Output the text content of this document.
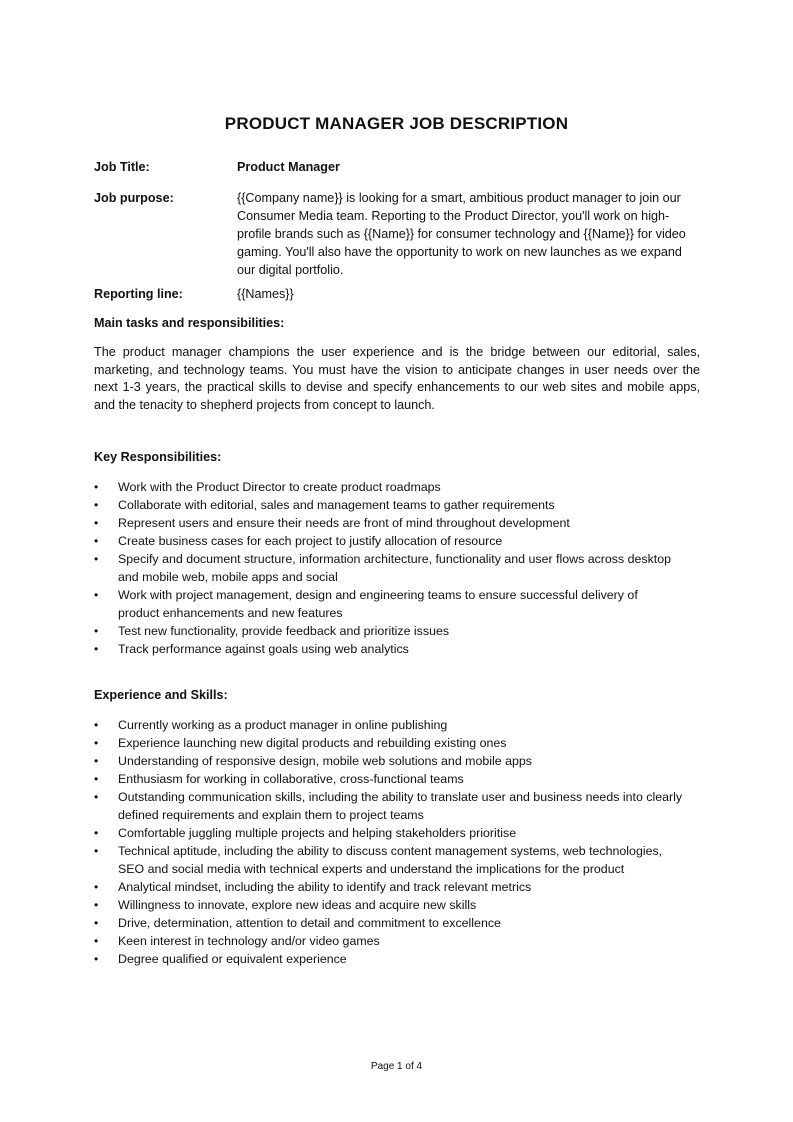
PRODUCT MANAGER JOB DESCRIPTION
Job Title:	Product Manager
Job purpose:	{{Company name}} is looking for a smart, ambitious product manager to join our Consumer Media team. Reporting to the Product Director, you'll work on high-profile brands such as {{Name}} for consumer technology and {{Name}} for video gaming. You'll also have the opportunity to work on new launches as we expand our digital portfolio.
Reporting line:	{{Names}}
Main tasks and responsibilities:
The product manager champions the user experience and is the bridge between our editorial, sales, marketing, and technology teams. You must have the vision to anticipate changes in user needs over the next 1-3 years, the practical skills to devise and specify enhancements to our web sites and mobile apps, and the tenacity to shepherd projects from concept to launch.
Key Responsibilities:
•	Work with the Product Director to create product roadmaps
•	Collaborate with editorial, sales and management teams to gather requirements
•	Represent users and ensure their needs are front of mind throughout development
•	Create business cases for each project to justify allocation of resource
•	Specify and document structure, information architecture, functionality and user flows across desktop and mobile web, mobile apps and social
•	Work with project management, design and engineering teams to ensure successful delivery of product enhancements and new features
•	Test new functionality, provide feedback and prioritize issues
•	Track performance against goals using web analytics
Experience and Skills:
•	Currently working as a product manager in online publishing
•	Experience launching new digital products and rebuilding existing ones
•	Understanding of responsive design, mobile web solutions and mobile apps
•	Enthusiasm for working in collaborative, cross-functional teams
•	Outstanding communication skills, including the ability to translate user and business needs into clearly defined requirements and explain them to project teams
•	Comfortable juggling multiple projects and helping stakeholders prioritise
•	Technical aptitude, including the ability to discuss content management systems, web technologies, SEO and social media with technical experts and understand the implications for the product
•	Analytical mindset, including the ability to identify and track relevant metrics
•	Willingness to innovate, explore new ideas and acquire new skills
•	Drive, determination, attention to detail and commitment to excellence
•	Keen interest in technology and/or video games
•	Degree qualified or equivalent experience
Page 1 of 4
